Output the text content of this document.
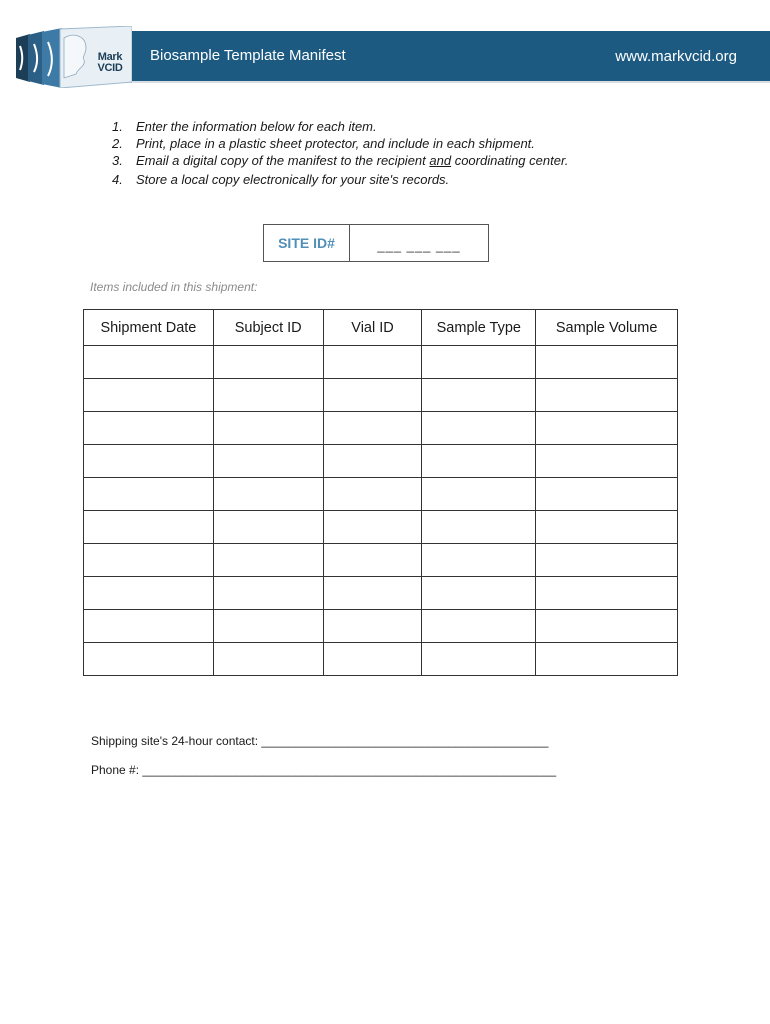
Mark
VCID
Biosample Template Manifest	www.markvcid.org
1. Enter the information below for each item.
2. Print, place in a plastic sheet protector, and include in each shipment.
3. Email a digital copy of the manifest to the recipient and coordinating center.
4. Store a local copy electronically for your site's records.
SITE ID#	___ ___ ___
Items included in this shipment:
Shipment Date	Subject ID	Vial ID	Sample Type	Sample Volume

Shipping site's 24-hour contact: ___________________________________________
Phone #: ______________________________________________________________
